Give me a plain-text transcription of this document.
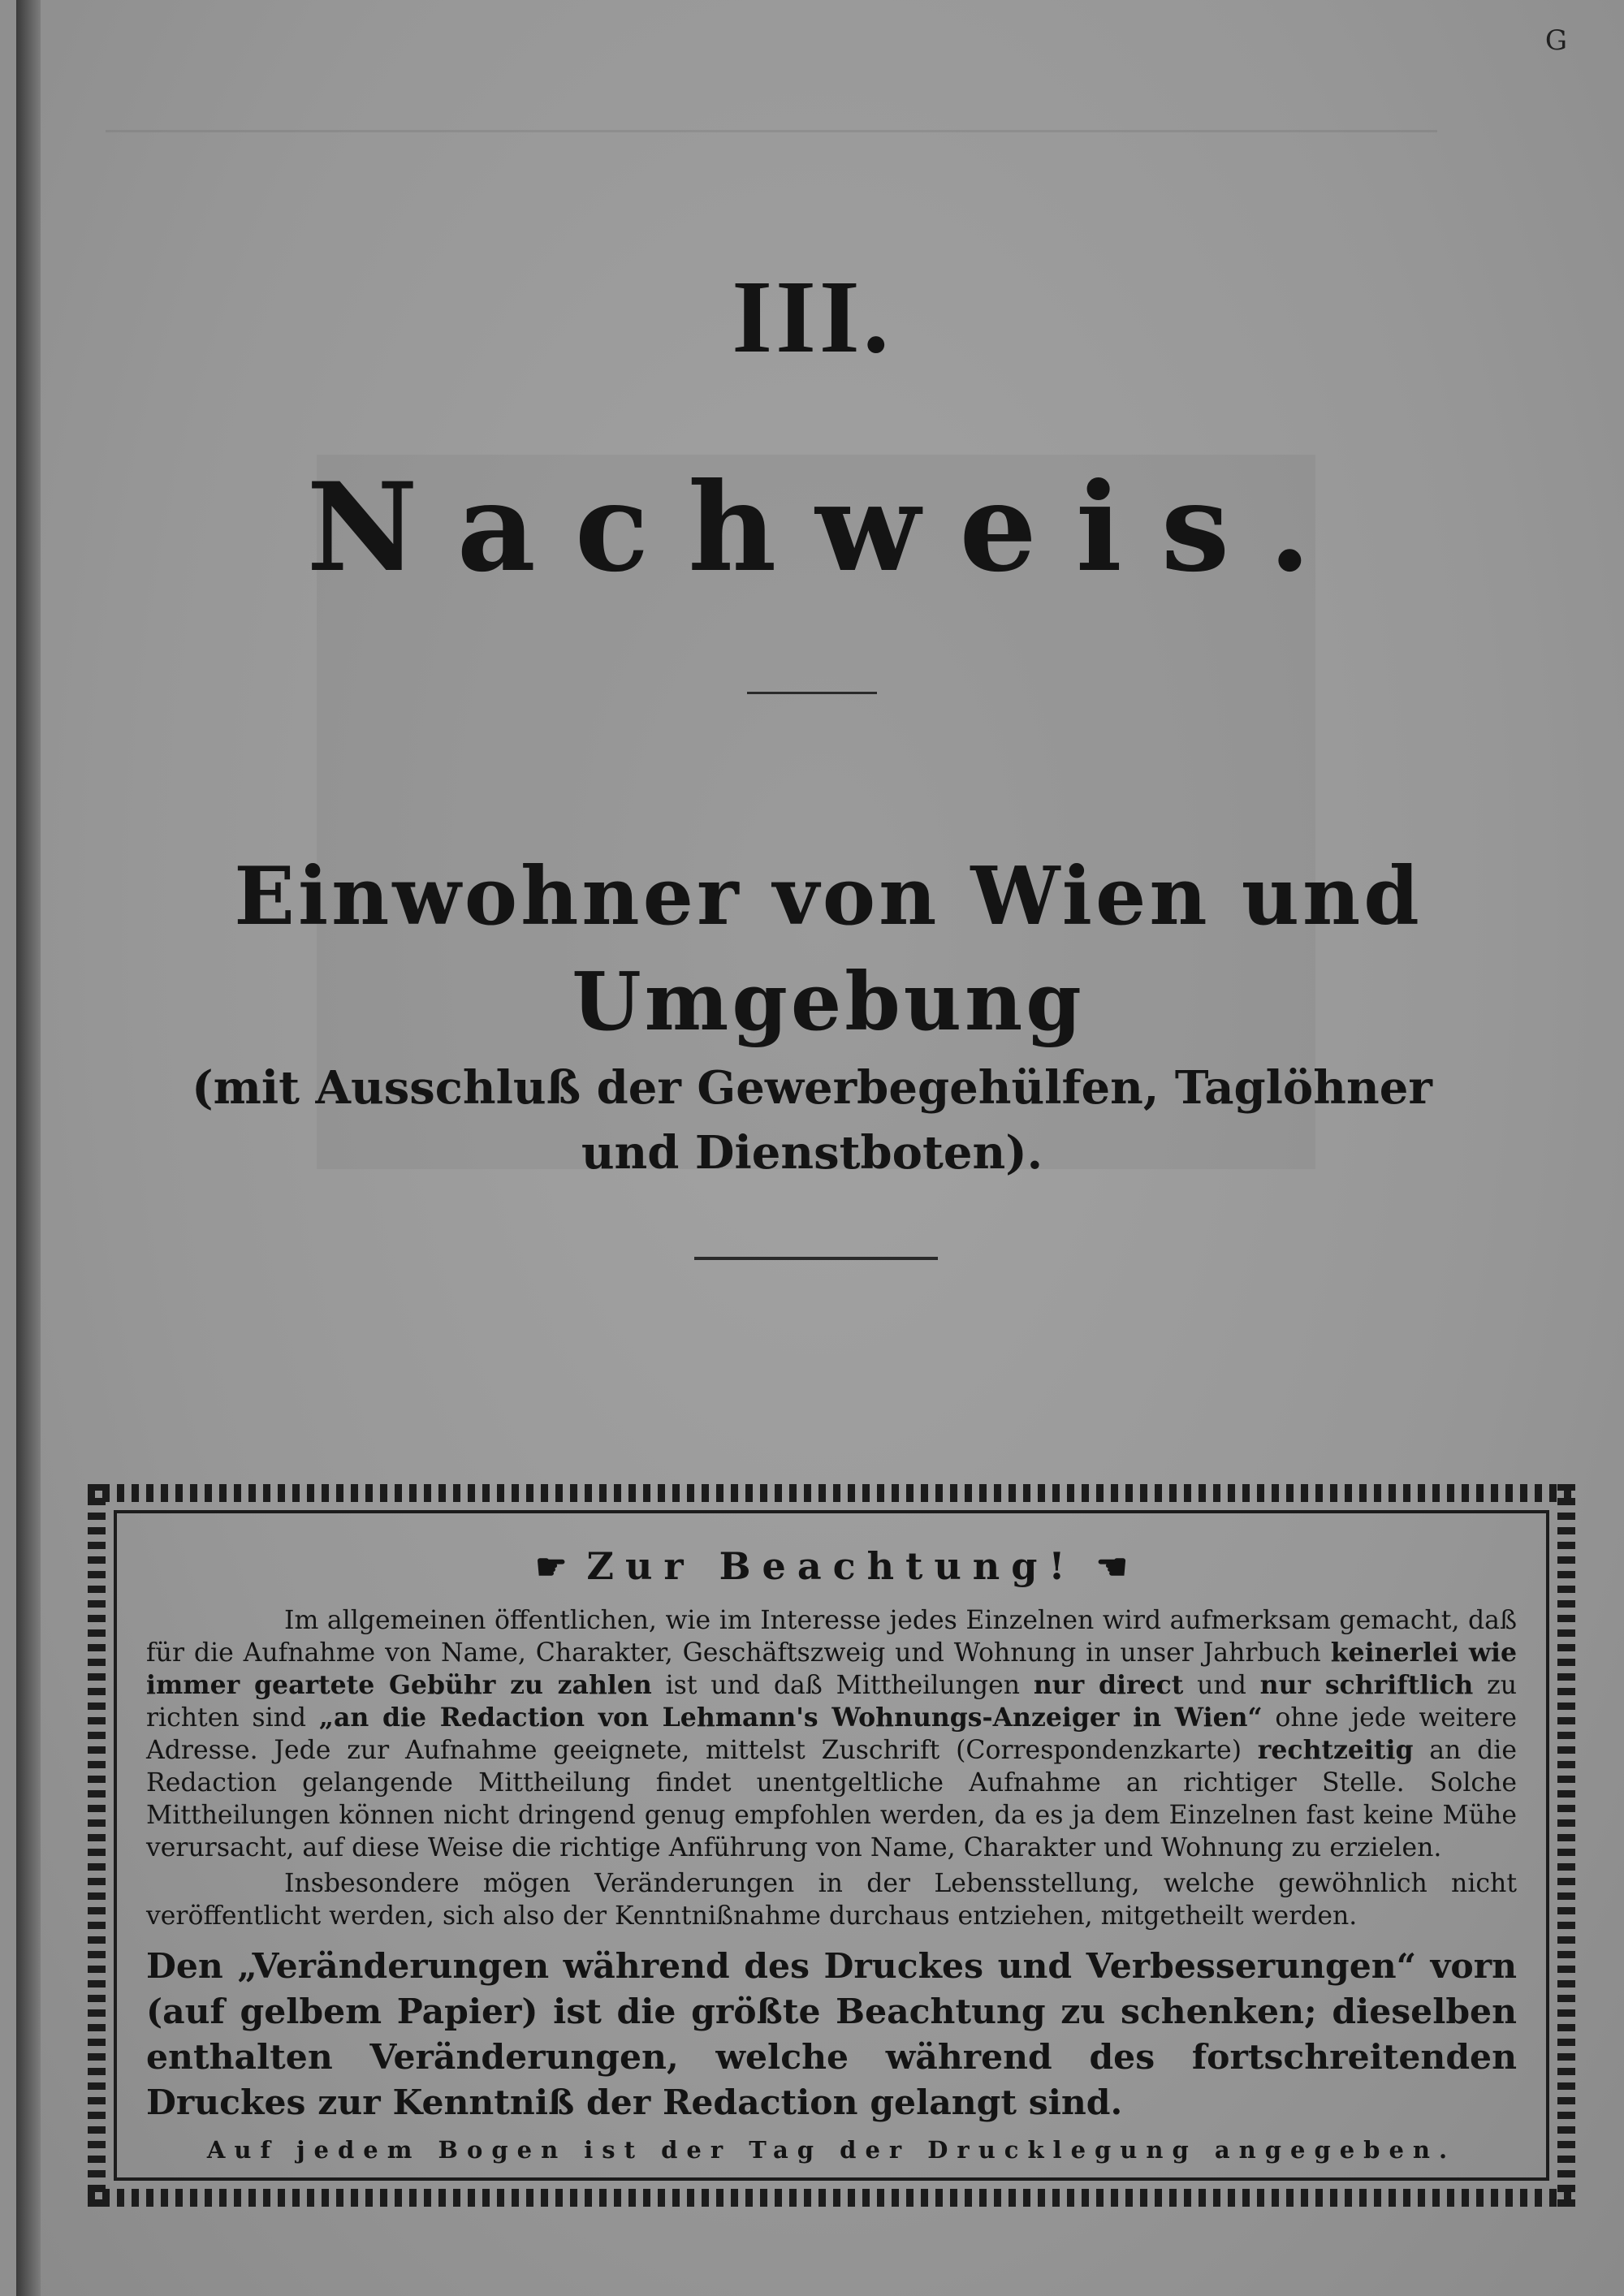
G
III.
Nachweis.
Einwohner von Wien und Umgebung
(mit Ausschluß der Gewerbegehülfen, Taglöhner und Dienstboten).
☛ Zur Beachtung! ☚

Im allgemeinen öffentlichen, wie im Interesse jedes Einzelnen wird aufmerksam gemacht, daß für die Aufnahme von Name, Charakter, Geschäftszweig und Wohnung in unser Jahrbuch keinerlei wie immer geartete Gebühr zu zahlen ist und daß Mittheilungen nur direct und nur schriftlich zu richten sind „an die Redaction von Lehmann's Wohnungs-Anzeiger in Wien“ ohne jede weitere Adresse. Jede zur Aufnahme geeignete, mittelst Zuschrift (Correspondenzkarte) rechtzeitig an die Redaction gelangende Mittheilung findet unentgeltliche Aufnahme an richtiger Stelle. Solche Mittheilungen können nicht dringend genug empfohlen werden, da es ja dem Einzelnen fast keine Mühe verursacht, auf diese Weise die richtige Anführung von Name, Charakter und Wohnung zu erzielen.

Insbesondere mögen Veränderungen in der Lebensstellung, welche gewöhnlich nicht veröffentlicht werden, sich also der Kenntnißnahme durchaus entziehen, mitgetheilt werden.

Den „Veränderungen während des Druckes und Verbesserungen“ vorn (auf gelbem Papier) ist die größte Beachtung zu schenken; dieselben enthalten Veränderungen, welche während des fortschreitenden Druckes zur Kenntniß der Redaction gelangt sind.

Auf jedem Bogen ist der Tag der Drucklegung angegeben.
